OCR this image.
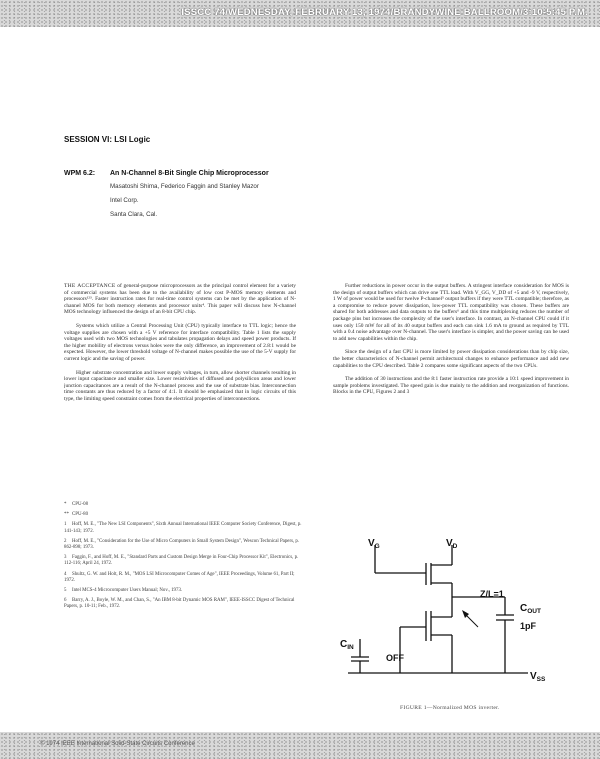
ISSCC 74/WEDNESDAY, FEBRUARY 13, 1974/BRANDYWINE BALLROOM/3:10-5:45 P.M.
SESSION VI: LSI Logic
WPM 6.2: An N-Channel 8-Bit Single Chip Microprocessor
Masatoshi Shima, Federico Faggin and Stanley Mazor
Intel Corp.
Santa Clara, Cal.

THE ACCEPTANCE of general-purpose microprocessors as the principal control element for a variety of commercial systems has been due to the availability of low cost P-MOS memory elements and processors¹²³. Faster instruction rates for real-time control systems can be met by the application of N-channel MOS for both memory elements and processor units⁴. This paper will discuss how N-channel MOS technology influenced the design of an 8-bit CPU chip.

Systems which utilize a Central Processing Unit (CPU) typically interface to TTL logic; hence the voltage supplies are chosen with a +5 V reference for interface compatibility. Table 1 lists the supply voltages used with two MOS technologies and tabulates propagation delays and speed power products. If the higher mobility of electrons versus holes were the only difference, an improvement of 2.8:1 would be expected. However, the lower threshold voltage of N-channel makes possible the use of the 5-V supply for current logic and the saving of power.

Higher substrate concentration and lower supply voltages, in turn, allow shorter channels resulting in lower input capacitance and smaller size. Lower resistivities of diffused and polysilicon areas and lower junction capacitances are a result of the N-channel process and the use of substrate bias. Interconnection time constants are thus reduced by a factor of 4:1. It should be emphasized that in logic circuits of this type, the limiting speed constraint comes from the electrical properties of interconnections.

Further reductions in power occur in the output buffers. A stringent interface consideration for MOS is the design of output buffers which can drive one TTL load. With V_GG, V_DD of +5 and -9 V, respectively, 1 W of power would be used for twelve P-channel⁵ output buffers if they were TTL compatible; therefore, as a compromise to reduce power dissipation, low-power TTL compatibility was chosen. These buffers are shared for both addresses and data outputs to the buffers⁶ and this time multiplexing reduces the number of package pins but increases the complexity of the user's interface. In contrast, an N-channel CPU could if it uses only 150 mW for all of its 40 output buffers and each can sink 1.6 mA to ground as required by TTL with a 0.4 noise advantage over N-channel. The user's interface is simpler, and the power saving can be used to add new capabilities within the chip.

Since the design of a fast CPU is more limited by power dissipation considerations than by chip size, the better characteristics of N-channel permit architectural changes to enhance performance and add new capabilities to the CPU described. Table 2 compares some significant aspects of the two CPUs.

The addition of 30 instructions and the 8:1 faster instruction rate provide a 10:1 speed improvement in sample problems investigated. The speed gain is due mainly to the addition and reorganization of functions. Blocks in the CPU, Figures 2 and 3

* CPU-08
** CPU-80
1 Hoff, M. E., "The New LSI Components", Sixth Annual International IEEE Computer Society Conference, Digest, p. 141-143; 1972.
2 Hoff, M. E., "Consideration for the Use of Micro Computers in Small System Design", Wescon Technical Papers, p. 862-898; 1973.
3 Faggin, F., and Hoff, M. E., "Standard Parts and Custom Design Merge in Four-Chip Processor Kit", Electronics, p. 112-116; April 24, 1972.
4 Shultz, G. W. and Holt, R. M., "MOS LSI Microcomputer Comes of Age", IEEE Proceedings, Volume 61, Part II; 1972.
5 Intel MCS-4 Microcomputer Users Manual; Nov., 1973.
6 Barry, A. J., Boyle, W. M., and Chan, S., "An IBM 8-bit Dynamic MOS RAM", IEEE-ISSCC Digest of Technical Papers, p. 10-11; Feb., 1972.
$V_G$	$V_D$
Z/L=1
$C_{OUT}$
1pF
$C_{IN}$
OFF
$V_{SS}$
FIGURE 1—Normalized MOS inverter.
© 1974 IEEE International Solid-State Circuits Conference
